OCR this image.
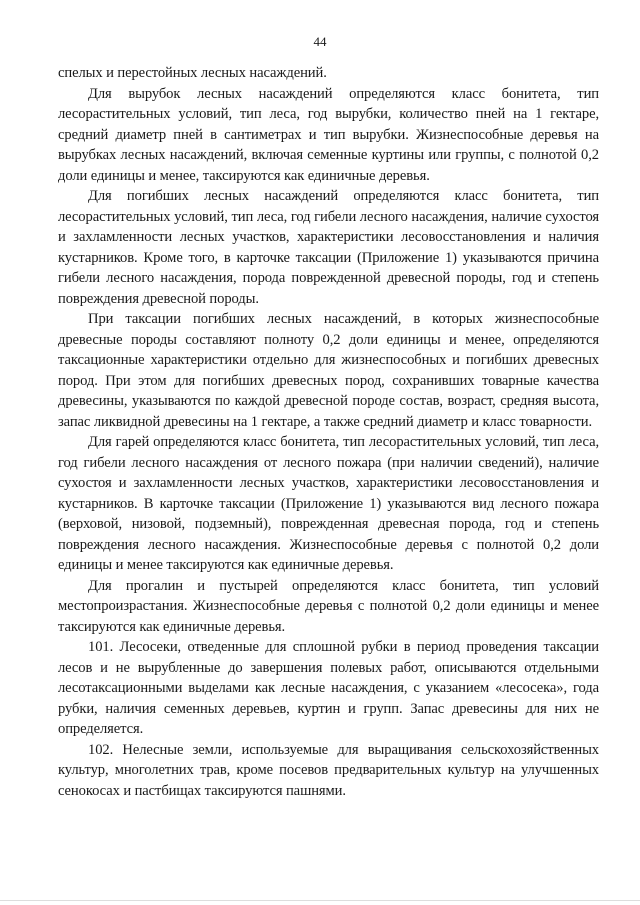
44

спелых и перестойных лесных насаждений.

Для вырубок лесных насаждений определяются класс бонитета, тип лесорастительных условий, тип леса, год вырубки, количество пней на 1 гектаре, средний диаметр пней в сантиметрах и тип вырубки. Жизнеспособные деревья на вырубках лесных насаждений, включая семенные куртины или группы, с полнотой 0,2 доли единицы и менее, таксируются как единичные деревья.

Для погибших лесных насаждений определяются класс бонитета, тип лесорастительных условий, тип леса, год гибели лесного насаждения, наличие сухостоя и захламленности лесных участков, характеристики лесовосстановления и наличия кустарников. Кроме того, в карточке таксации (Приложение 1) указываются причина гибели лесного насаждения, порода поврежденной древесной породы, год и степень повреждения древесной породы.

При таксации погибших лесных насаждений, в которых жизнеспособные древесные породы составляют полноту 0,2 доли единицы и менее, определяются таксационные характеристики отдельно для жизнеспособных и погибших древесных пород. При этом для погибших древесных пород, сохранивших товарные качества древесины, указываются по каждой древесной породе состав, возраст, средняя высота, запас ликвидной древесины на 1 гектаре, а также средний диаметр и класс товарности.

Для гарей определяются класс бонитета, тип лесорастительных условий, тип леса, год гибели лесного насаждения от лесного пожара (при наличии сведений), наличие сухостоя и захламленности лесных участков, характеристики лесовосстановления и кустарников. В карточке таксации (Приложение 1) указываются вид лесного пожара (верховой, низовой, подземный), поврежденная древесная порода, год и степень повреждения лесного насаждения. Жизнеспособные деревья с полнотой 0,2 доли единицы и менее таксируются как единичные деревья.

Для прогалин и пустырей определяются класс бонитета, тип условий местопроизрастания. Жизнеспособные деревья с полнотой 0,2 доли единицы и менее таксируются как единичные деревья.

101. Лесосеки, отведенные для сплошной рубки в период проведения таксации лесов и не вырубленные до завершения полевых работ, описываются отдельными лесотаксационными выделами как лесные насаждения, с указанием «лесосека», года рубки, наличия семенных деревьев, куртин и групп. Запас древесины для них не определяется.

102. Нелесные земли, используемые для выращивания сельскохозяйственных культур, многолетних трав, кроме посевов предварительных культур на улучшенных сенокосах и пастбищах таксируются пашнями.
